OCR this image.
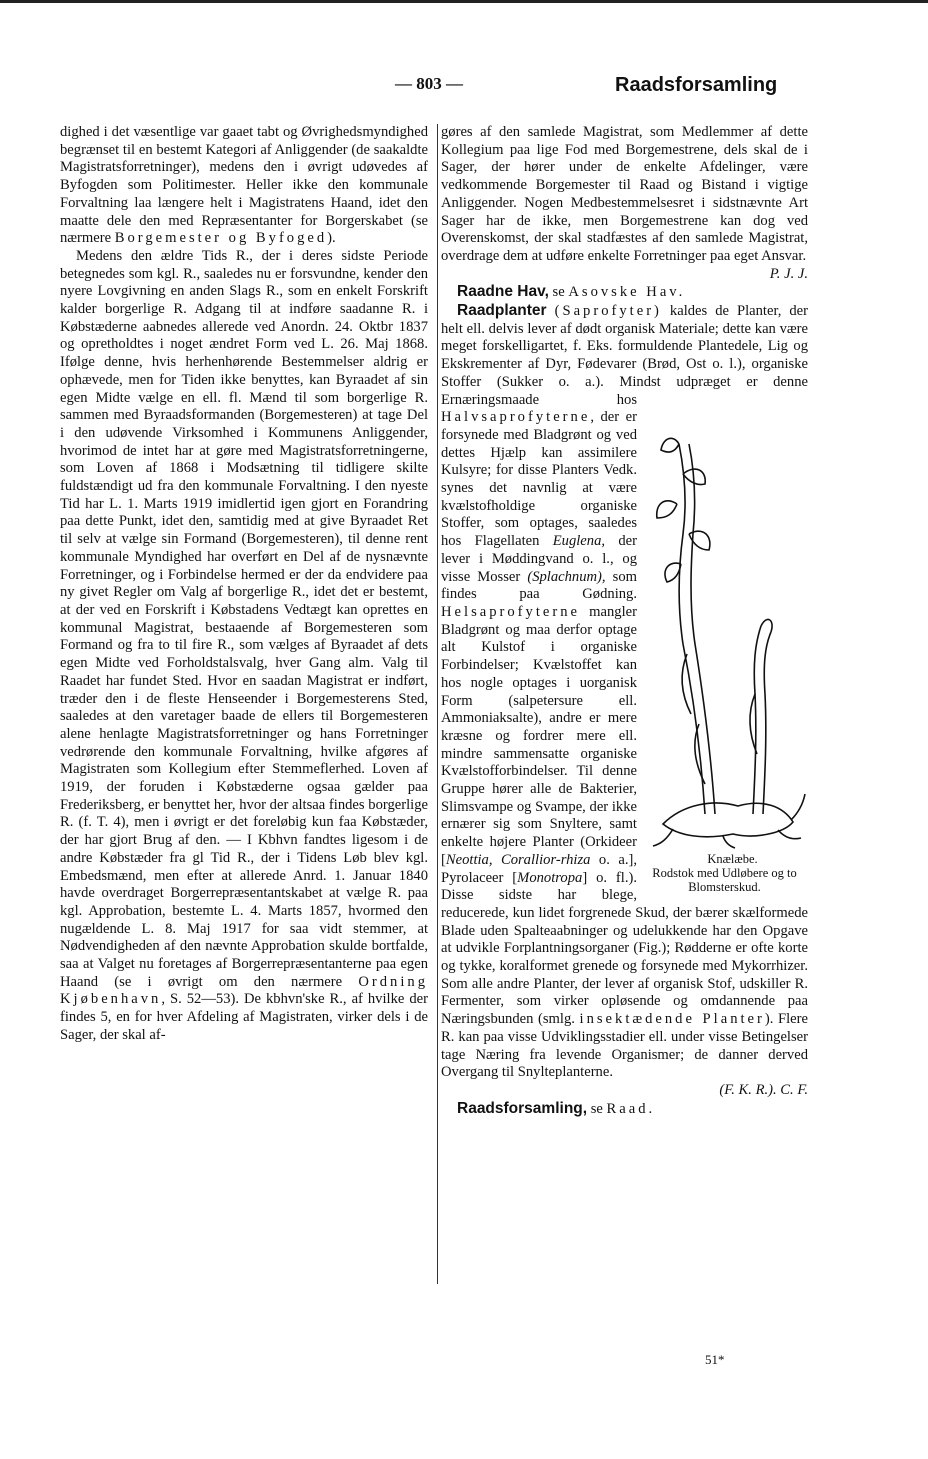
— 803 —	Raadsforsamling

dighed i det væsentlige var gaaet tabt og Øvrighedsmyndighed begrænset til en bestemt Kategori af Anliggender (de saakaldte Magistratsforretninger), medens den i øvrigt udøvedes af Byfogden som Politimester. Heller ikke den kommunale Forvaltning laa længere helt i Magistratens Haand, idet den maatte dele den med Repræsentanter for Borgerskabet (se nærmere Borgemester og Byfoged).

Medens den ældre Tids R., der i deres sidste Periode betegnedes som kgl. R., saaledes nu er forsvundne, kender den nyere Lovgivning en anden Slags R., som en enkelt Forskrift kalder borgerlige R. Adgang til at indføre saadanne R. i Købstæderne aabnedes allerede ved Anordn. 24. Oktbr 1837 og opretholdtes i noget ændret Form ved L. 26. Maj 1868. Ifølge denne, hvis herhenhørende Bestemmelser aldrig er ophævede, men for Tiden ikke benyttes, kan Byraadet af sin egen Midte vælge en ell. fl. Mænd til som borgerlige R. sammen med Byraadsformanden (Borgemesteren) at tage Del i den udøvende Virksomhed i Kommunens Anliggender, hvorimod de intet har at gøre med Magistratsforretningerne, som Loven af 1868 i Modsætning til tidligere skilte fuldstændigt ud fra den kommunale Forvaltning. I den nyeste Tid har L. 1. Marts 1919 imidlertid igen gjort en Forandring paa dette Punkt, idet den, samtidig med at give Byraadet Ret til selv at vælge sin Formand (Borgemesteren), til denne rent kommunale Myndighed har overført en Del af de nysnævnte Forretninger, og i Forbindelse hermed er der da endvidere paa ny givet Regler om Valg af borgerlige R., idet det er bestemt, at der ved en Forskrift i Købstadens Vedtægt kan oprettes en kommunal Magistrat, bestaaende af Borgemesteren som Formand og fra to til fire R., som vælges af Byraadet af dets egen Midte ved Forholdstalsvalg, hver Gang alm. Valg til Raadet har fundet Sted. Hvor en saadan Magistrat er indført, træder den i de fleste Henseender i Borgemesterens Sted, saaledes at den varetager baade de ellers til Borgemesteren alene henlagte Magistratsforretninger og hans Forretninger vedrørende den kommunale Forvaltning, hvilke afgøres af Magistraten som Kollegium efter Stemmeflerhed. Loven af 1919, der foruden i Købstæderne ogsaa gælder paa Frederiksberg, er benyttet her, hvor der altsaa findes borgerlige R. (f. T. 4), men i øvrigt er det foreløbig kun faa Købstæder, der har gjort Brug af den. — I Kbhvn fandtes ligesom i de andre Købstæder fra gl Tid R., der i Tidens Løb blev kgl. Embedsmænd, men efter at allerede Anrd. 1. Januar 1840 havde overdraget Borgerrepræsentantskabet at vælge R. paa kgl. Approbation, bestemte L. 4. Marts 1857, hvormed den nugældende L. 8. Maj 1917 for saa vidt stemmer, at Nødvendigheden af den nævnte Approbation skulde bortfalde, saa at Valget nu foretages af Borgerrepræsentanterne paa egen Haand (se i øvrigt om den nærmere Ordning Kjøbenhavn, S. 52—53). De kbhvn'ske R., af hvilke der findes 5, en for hver Afdeling af Magistraten, virker dels i de Sager, der skal af-

gøres af den samlede Magistrat, som Medlemmer af dette Kollegium paa lige Fod med Borgemestrene, dels skal de i Sager, der hører under de enkelte Afdelinger, være vedkommende Borgemester til Raad og Bistand i vigtige Anliggender. Nogen Medbestemmelsesret i sidstnævnte Art Sager har de ikke, men Borgemestrene kan dog ved Overenskomst, der skal stadfæstes af den samlede Magistrat, overdrage dem at udføre enkelte Forretninger paa eget Ansvar.
P. J. J.

Raadne Hav, se Asovske Hav.

Raadplanter (Saprofyter) kaldes de Planter, der helt ell. delvis lever af dødt organisk Materiale; dette kan være meget forskelligartet, f. Eks. formuldende Plantedele, Lig og Ekskrementer af Dyr, Fødevarer (Brød, Ost o. l.), organiske Stoffer (Sukker o. a.). Mindst udpræget er denne Ernæringsmaade hos
Knælæbe.
Rodstok med Udløbere og to Blomsterskud.
Halvsaprofyterne, der er forsynede med Bladgrønt og ved dettes Hjælp kan assimilere Kulsyre; for disse Planters Vedk. synes det navnlig at være kvælstofholdige organiske Stoffer, som optages, saaledes hos Flagellaten Euglena, der lever i Møddingvand o. l., og visse Mosser (Splachnum), som findes paa Gødning. Helsaprofyterne mangler Bladgrønt og maa derfor optage alt Kulstof i organiske Forbindelser; Kvælstoffet kan hos nogle optages i uorganisk Form (salpetersure ell. Ammoniaksalte), andre er mere kræsne og fordrer mere ell. mindre sammensatte organiske Kvælstofforbindelser. Til denne Gruppe hører alle de Bakterier, Slimsvampe og Svampe, der ikke ernærer sig som Snyltere, samt enkelte højere Planter (Orkideer [Neottia, Corallior-rhiza o. a.], Pyrolaceer [Monotropa] o. fl.). Disse sidste har blege, reducerede, kun lidet forgrenede Skud, der bærer skælformede Blade uden Spalteaabninger og udelukkende har den Opgave at udvikle Forplantningsorganer (Fig.); Rødderne er ofte korte og tykke, koralformet grenede og forsynede med Mykorrhizer. Som alle andre Planter, der lever af organisk Stof, udskiller R. Fermenter, som virker opløsende og omdannende paa Næringsbunden (smlg. insektædende Planter). Flere R. kan paa visse Udviklingsstadier ell. under visse Betingelser tage Næring fra levende Organismer; de danner derved Overgang til Snylteplanterne.
(F. K. R.). C. F.

Raadsforsamling, se Raad.

51*
